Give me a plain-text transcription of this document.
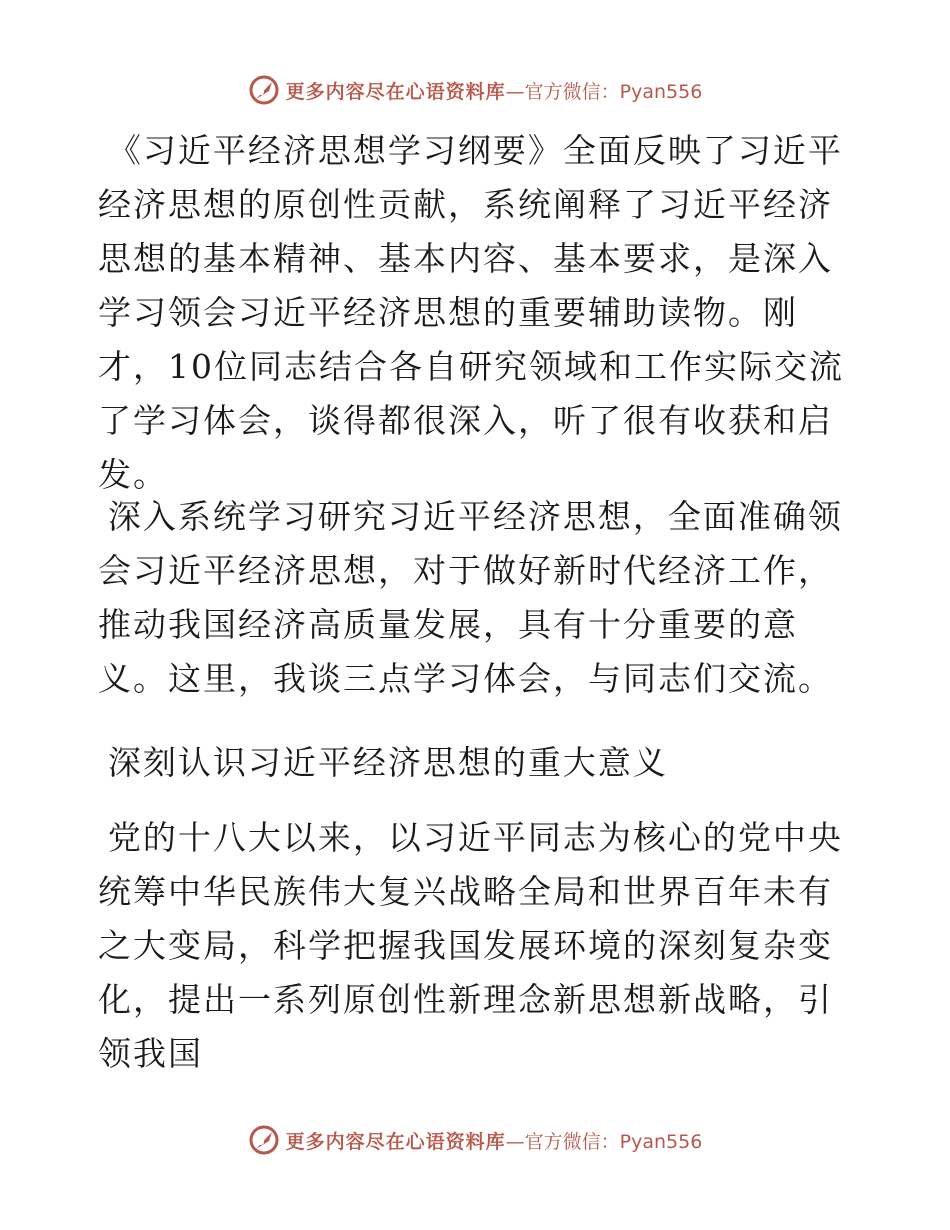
更多内容尽在心语资料库 —官方微信：Pyan556

《习近平经济思想学习纲要》全面反映了习近平经济思想的原创性贡献，系统阐释了习近平经济思想的基本精神、基本内容、基本要求，是深入学习领会习近平经济思想的重要辅助读物。刚才，10位同志结合各自研究领域和工作实际交流了学习体会，谈得都很深入，听了很有收获和启发。

深入系统学习研究习近平经济思想，全面准确领会习近平经济思想，对于做好新时代经济工作，推动我国经济高质量发展，具有十分重要的意义。这里，我谈三点学习体会，与同志们交流。

深刻认识习近平经济思想的重大意义

党的十八大以来，以习近平同志为核心的党中央统筹中华民族伟大复兴战略全局和世界百年未有之大变局，科学把握我国发展环境的深刻复杂变化，提出一系列原创性新理念新思想新战略，引领我国

更多内容尽在心语资料库 —官方微信：Pyan556
